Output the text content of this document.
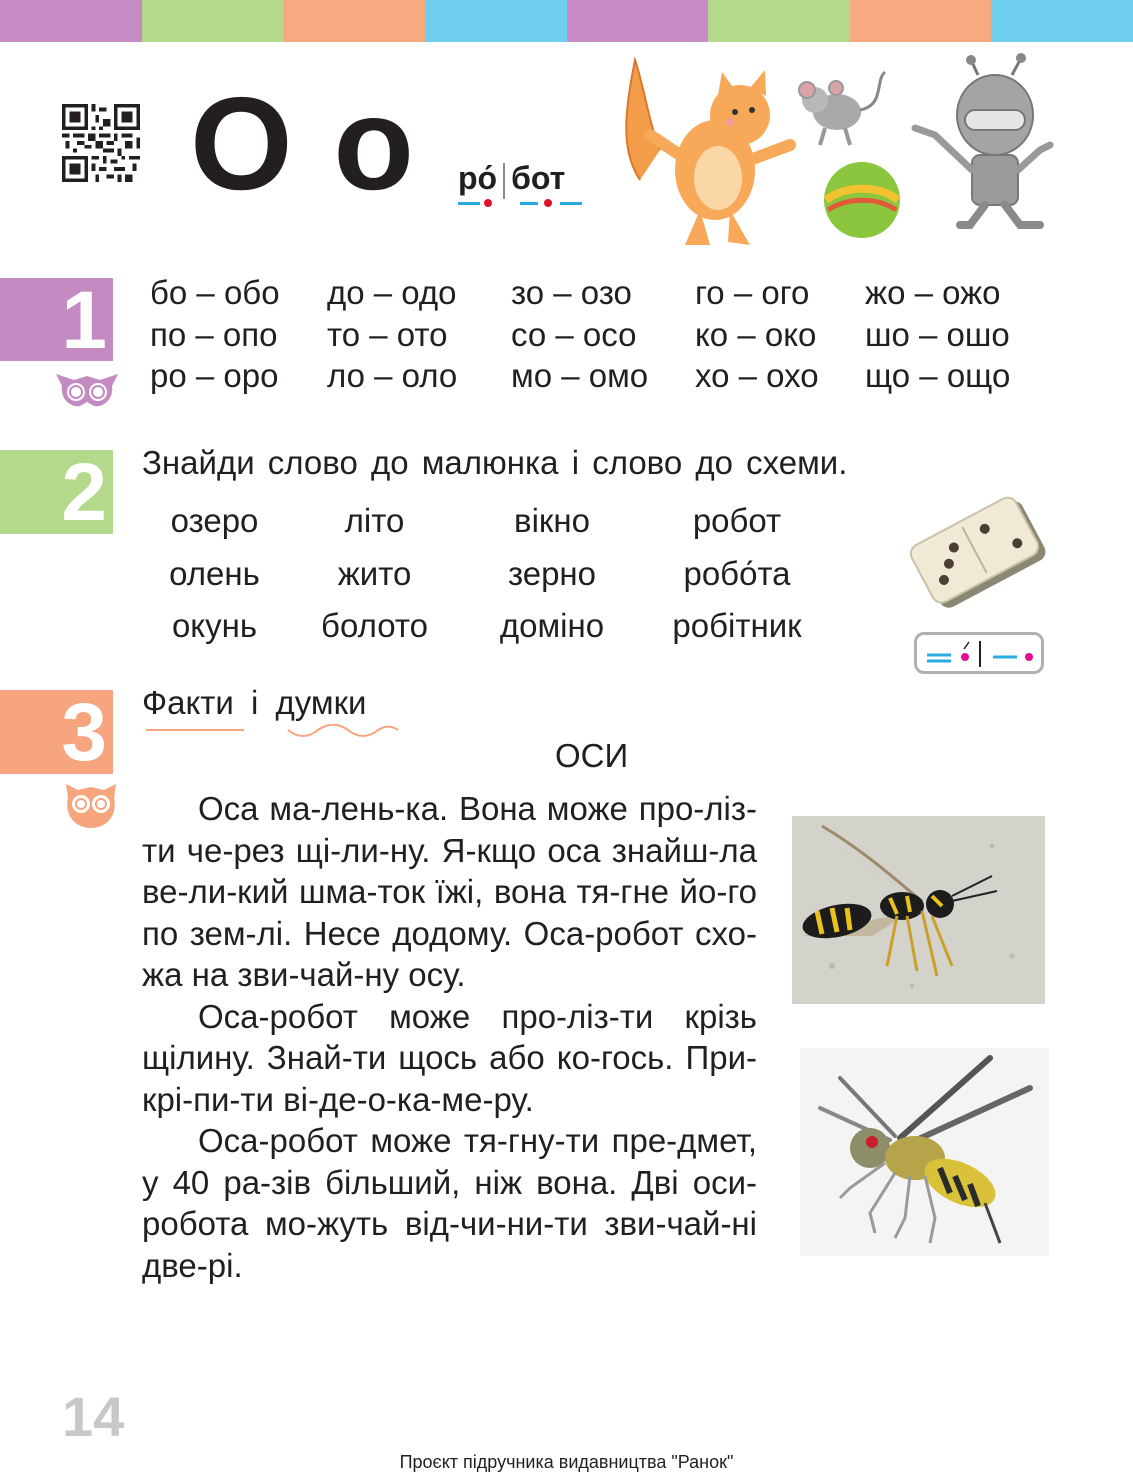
О о ро́ бот
1 бо – обо	до – одо	зо – озо	го – ого	жо – ожо
по – опо	то – ото	со – осо	ко – око	шо – ошо
ро – оро	ло – оло	мо – омо	хо – охо	що – ощо
2 Знайди слово до малюнка і слово до схеми.
озеро	літо	вікно	робот
олень	жито	зерно	робо́та
окунь	болото	доміно	робітник
3 Факти і думки
ОСИ

Оса ма-лень-ка. Вона може про-ліз-ти че-рез щі-ли-ну. Я-кщо оса знайш-ла ве-ли-кий шма-ток їжі, вона тя-гне йо-го по зем-лі. Несе додому. Оса-робот схо-жа на зви-чай-ну осу.

Оса-робот може про-ліз-ти крізь щілину. Знай-ти щось або ко-гось. При-крі-пи-ти ві-де-о-ка-ме-ру.

Оса-робот може тя-гну-ти пре-дмет, у 40 ра-зів більший, ніж вона. Дві оси-робота мо-жуть від-чи-ни-ти зви-чай-ні две-рі.

14
Проєкт підручника видавництва "Ранок"
